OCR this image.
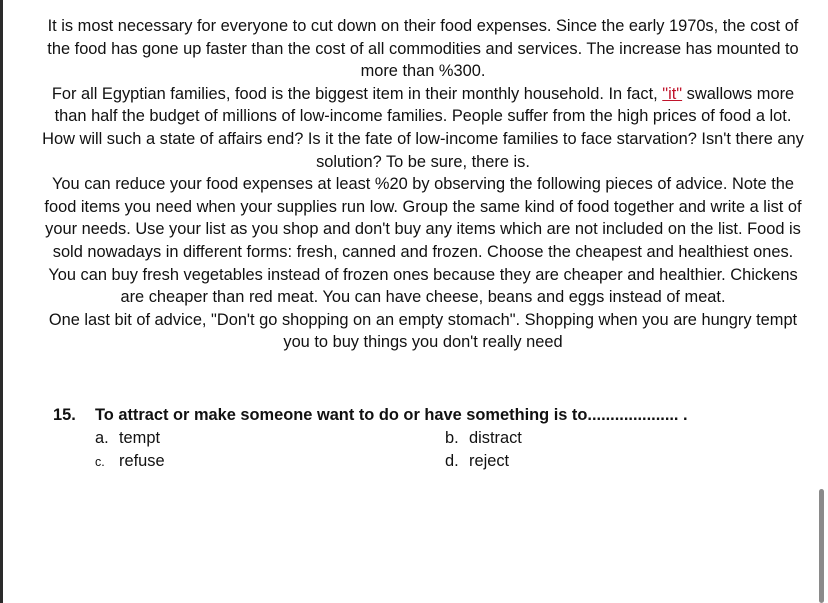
It is most necessary for everyone to cut down on their food expenses. Since the early 1970s, the cost of the food has gone up faster than the cost of all commodities and services. The increase has mounted to more than %300.

For all Egyptian families, food is the biggest item in their monthly household. In fact, "it" swallows more than half the budget of millions of low-income families. People suffer from the high prices of food a lot. How will such a state of affairs end? Is it the fate of low-income families to face starvation? Isn't there any solution? To be sure, there is.

You can reduce your food expenses at least %20 by observing the following pieces of advice. Note the food items you need when your supplies run low. Group the same kind of food together and write a list of your needs. Use your list as you shop and don't buy any items which are not included on the list. Food is sold nowadays in different forms: fresh, canned and frozen. Choose the cheapest and healthiest ones. You can buy fresh vegetables instead of frozen ones because they are cheaper and healthier. Chickens are cheaper than red meat. You can have cheese, beans and eggs instead of meat.

One last bit of advice, "Don't go shopping on an empty stomach". Shopping when you are hungry tempt you to buy things you don't really need

15. To attract or make someone want to do or have something is to.................... .
a. tempt	b. distract
c. refuse	d. reject
